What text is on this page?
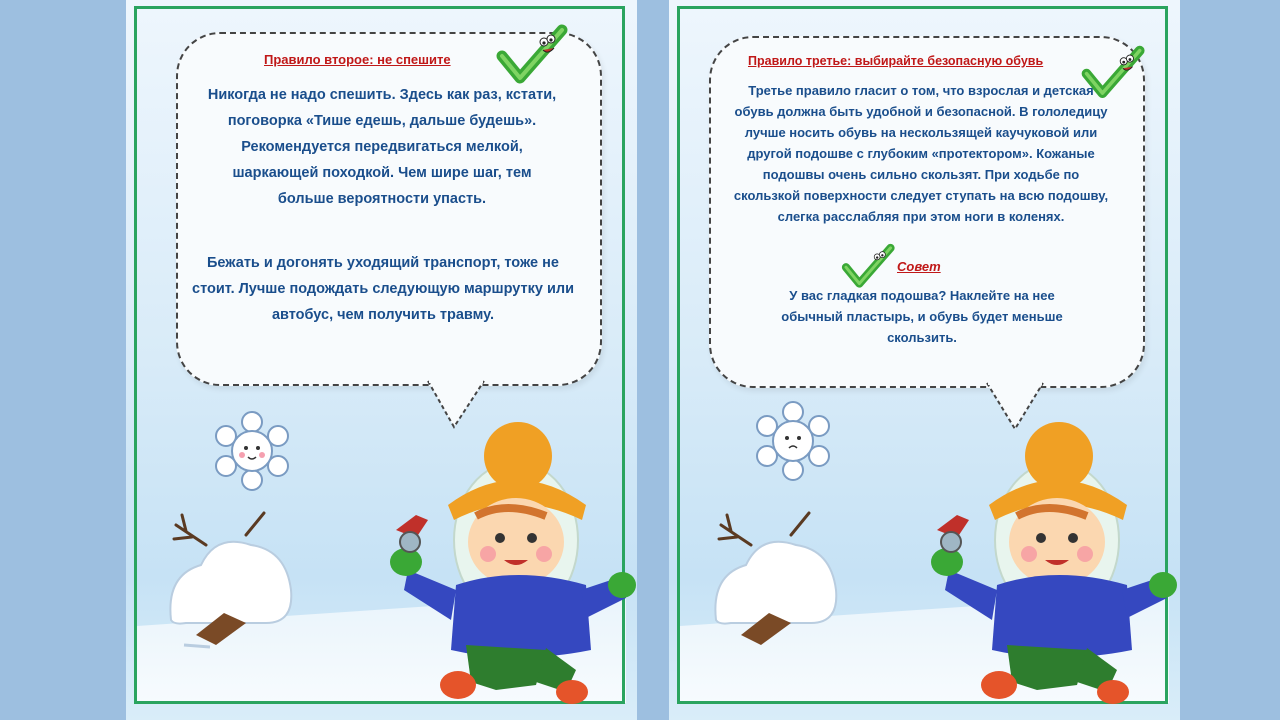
Правило второе: не спешите
Никогда не надо спешить. Здесь как раз, кстати, поговорка «Тише едешь, дальше будешь». Рекомендуется передвигаться мелкой, шаркающей походкой. Чем шире шаг, тем больше вероятности упасть.
Бежать и догонять уходящий транспорт, тоже не стоит. Лучше подождать следующую маршрутку или автобус, чем получить травму.
Правило третье: выбирайте безопасную обувь
Третье правило гласит о том, что взрослая и детская обувь должна быть удобной и безопасной. В гололедицу лучше носить обувь на нескользящей каучуковой или другой подошве с глубоким «протектором». Кожаные подошвы очень сильно скользят. При ходьбе по скользкой поверхности следует ступать на всю подошву, слегка расслабляя при этом ноги в коленях.
Совет
У вас гладкая подошва? Наклейте на нее обычный пластырь, и обувь будет меньше скользить.
